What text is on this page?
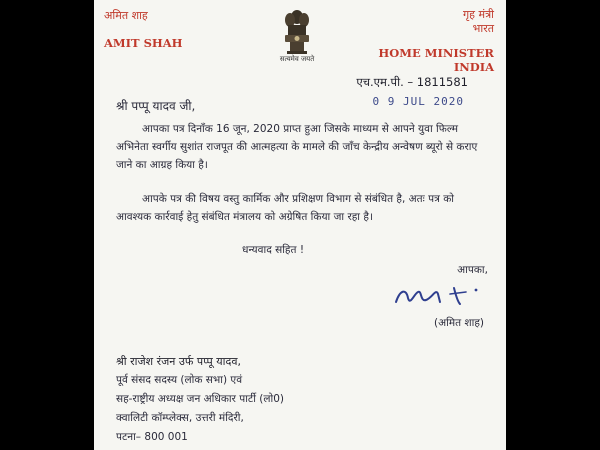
अमित शाह
AMIT SHAH
सत्यमेव जयते
गृह मंत्री
भारत
HOME MINISTER
INDIA
एच.एम.पी. – 1811581
0 9 JUL 2020
श्री पप्पू यादव जी,
आपका पत्र दिनाँक 16 जून, 2020 प्राप्त हुआ जिसके माध्यम से आपने युवा फिल्म अभिनेता स्वर्गीय सुशांत राजपूत की आत्महत्या के मामले की जाँच केन्द्रीय अन्वेषण ब्यूरो से कराए जाने का आग्रह किया है।
आपके पत्र की विषय वस्तु कार्मिक और प्रशिक्षण विभाग से संबंधित है, अतः पत्र को आवश्यक कार्रवाई हेतु संबंधित मंत्रालय को अग्रेषित किया जा रहा है।
धन्यवाद सहित !
आपका,
(अमित शाह)
श्री राजेश रंजन उर्फ पप्पू यादव,
पूर्व संसद सदस्य (लोक सभा) एवं
सह-राष्ट्रीय अध्यक्ष जन अधिकार पार्टी (लो0)
क्वालिटी कॉम्प्लेक्स, उत्तरी मंदिरी,
पटना– 800 001
